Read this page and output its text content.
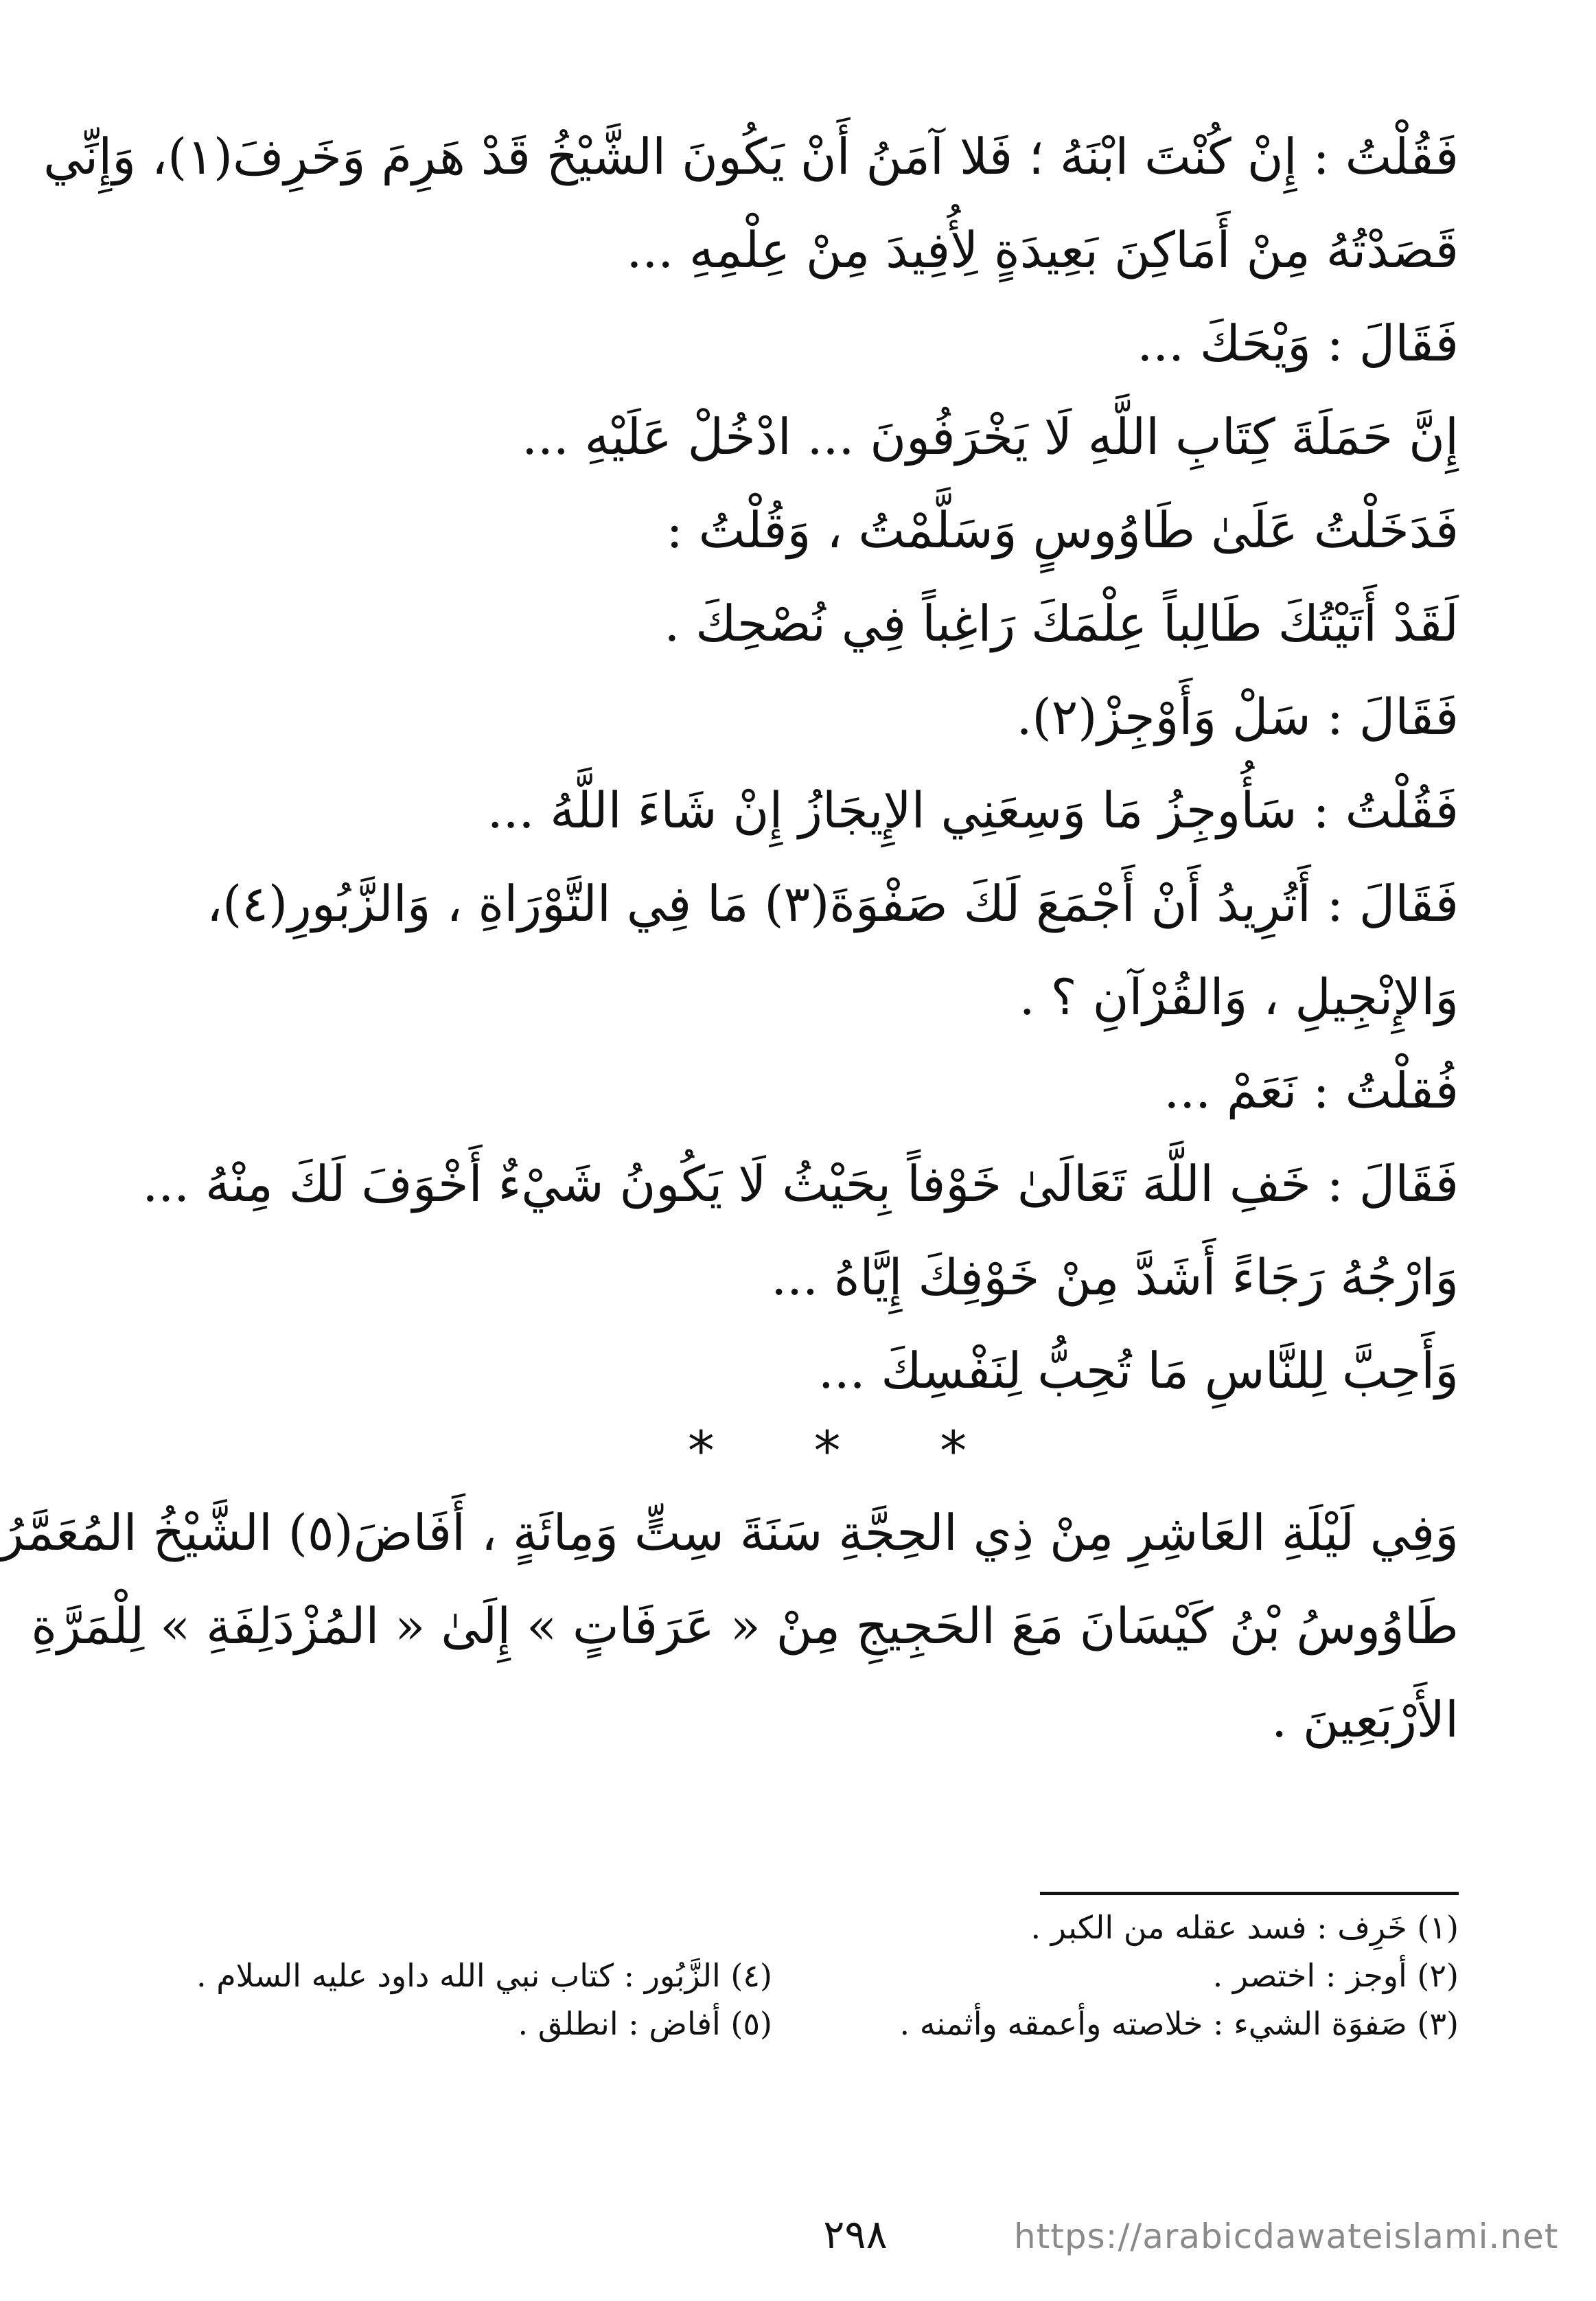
فَقُلْتُ : إِنْ كُنْتَ ابْنَهُ ؛ فَلا آمَنُ أَنْ يَكُونَ الشَّيْخُ قَدْ هَرِمَ وَخَرِفَ(١)، وَإِنِّي
قَصَدْتُهُ مِنْ أَمَاكِنَ بَعِيدَةٍ لِأُفِيدَ مِنْ عِلْمِهِ ...
فَقَالَ : وَيْحَكَ ...
إِنَّ حَمَلَةَ كِتَابِ اللَّهِ لَا يَخْرَفُونَ ... ادْخُلْ عَلَيْهِ ...
فَدَخَلْتُ عَلَىٰ طَاوُوسٍ وَسَلَّمْتُ ، وَقُلْتُ :
لَقَدْ أَتَيْتُكَ طَالِباً عِلْمَكَ رَاغِباً فِي نُصْحِكَ .
فَقَالَ : سَلْ وَأَوْجِزْ(٢).
فَقُلْتُ : سَأُوجِزُ مَا وَسِعَنِي الإِيجَازُ إِنْ شَاءَ اللَّهُ ...
فَقَالَ : أَتُرِيدُ أَنْ أَجْمَعَ لَكَ صَفْوَةَ(٣) مَا فِي التَّوْرَاةِ ، وَالزَّبُورِ(٤)،
وَالإِنْجِيلِ ، وَالقُرْآنِ ؟ .
فُقلْتُ : نَعَمْ ...
فَقَالَ : خَفِ اللَّهَ تَعَالَىٰ خَوْفاً بِحَيْثُ لَا يَكُونُ شَيْءٌ أَخْوَفَ لَكَ مِنْهُ ...
وَارْجُهُ رَجَاءً أَشَدَّ مِنْ خَوْفِكَ إِيَّاهُ ...
وَأَحِبَّ لِلنَّاسِ مَا تُحِبُّ لِنَفْسِكَ ...
* * *
وَفِي لَيْلَةِ العَاشِرِ مِنْ ذِي الحِجَّةِ سَنَةَ سِتٍّ وَمِائَةٍ ، أَفَاضَ(٥) الشَّيْخُ المُعَمَّرُ
طَاوُوسُ بْنُ كَيْسَانَ مَعَ الحَجِيجِ مِنْ « عَرَفَاتٍ » إِلَىٰ « المُزْدَلِفَةِ » لِلْمَرَّةِ
الأَرْبَعِينَ .
(١) خَرِف : فسد عقله من الكبر .
(٢) أوجز : اختصر .
(٤) الزَّبُور : كتاب نبي الله داود عليه السلام .
(٣) صَفوَة الشيء : خلاصته وأعمقه وأثمنه .
(٥) أفاض : انطلق .
٢٩٨	https://arabicdawateislami.net
